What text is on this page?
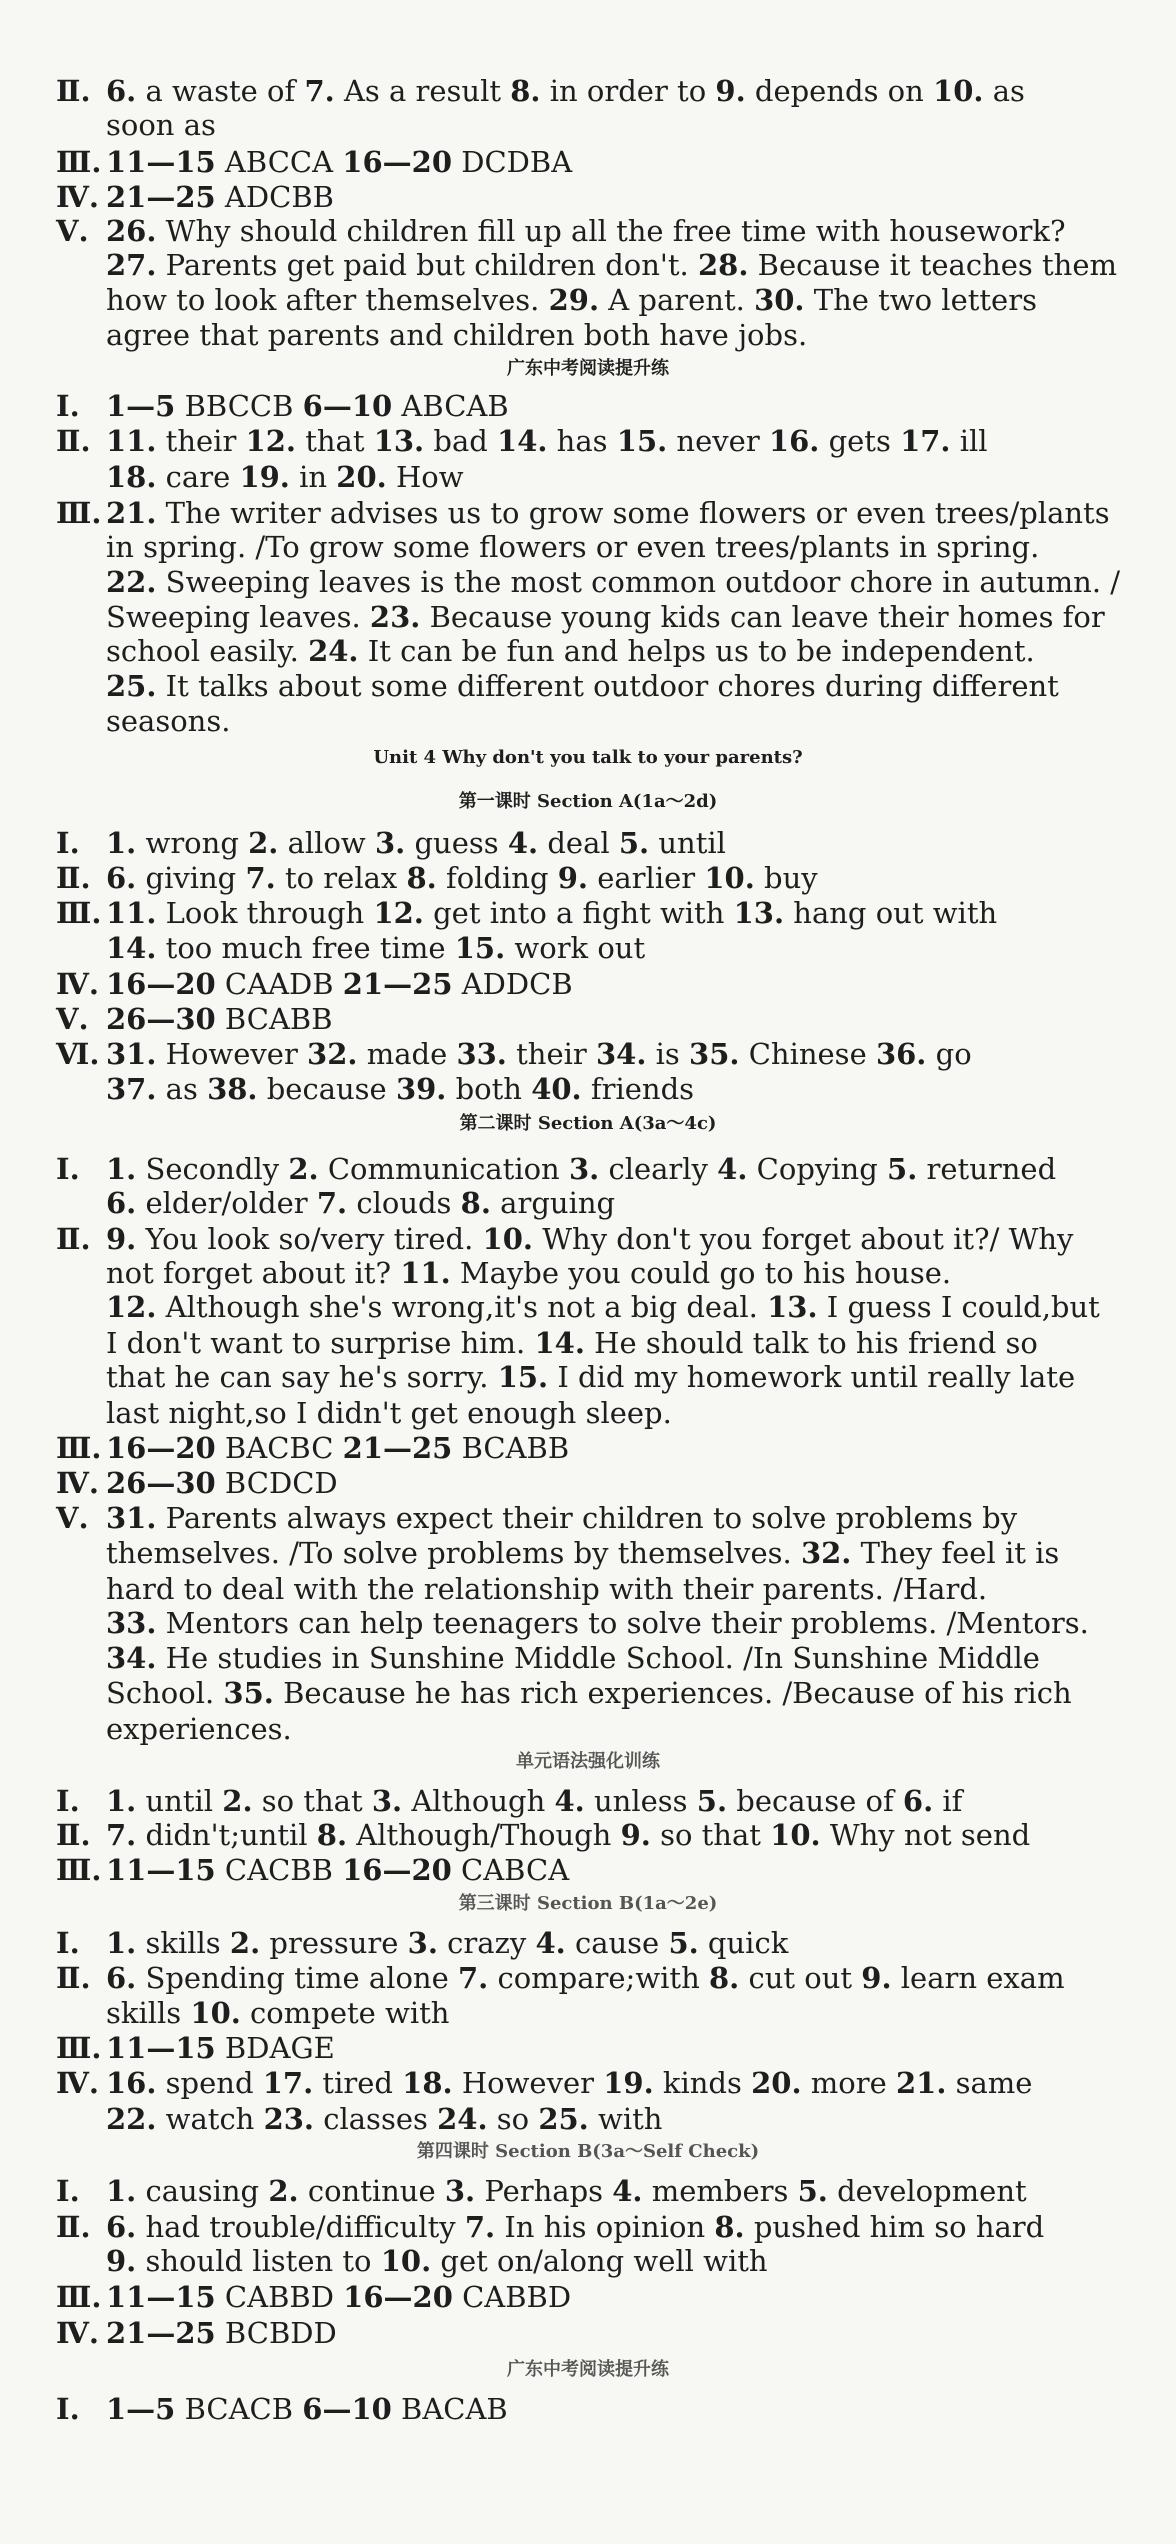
Ⅱ. 6. a waste of 7. As a result 8. in order to 9. depends on 10. as
soon as
Ⅲ. 11—15 ABCCA 16—20 DCDBA
Ⅳ. 21—25 ADCBB
Ⅴ. 26. Why should children fill up all the free time with housework?
27. Parents get paid but children don't. 28. Because it teaches them
how to look after themselves. 29. A parent. 30. The two letters
agree that parents and children both have jobs.
广东中考阅读提升练
Ⅰ. 1—5 BBCCB 6—10 ABCAB
Ⅱ. 11. their 12. that 13. bad 14. has 15. never 16. gets 17. ill
18. care 19. in 20. How
Ⅲ. 21. The writer advises us to grow some flowers or even trees/plants
in spring. /To grow some flowers or even trees/plants in spring.
22. Sweeping leaves is the most common outdoor chore in autumn. /
Sweeping leaves. 23. Because young kids can leave their homes for
school easily. 24. It can be fun and helps us to be independent.
25. It talks about some different outdoor chores during different
seasons.
Unit 4 Why don't you talk to your parents?
第一课时 Section A(1a～2d)
Ⅰ. 1. wrong 2. allow 3. guess 4. deal 5. until
Ⅱ. 6. giving 7. to relax 8. folding 9. earlier 10. buy
Ⅲ. 11. Look through 12. get into a fight with 13. hang out with
14. too much free time 15. work out
Ⅳ. 16—20 CAADB 21—25 ADDCB
Ⅴ. 26—30 BCABB
Ⅵ. 31. However 32. made 33. their 34. is 35. Chinese 36. go
37. as 38. because 39. both 40. friends
第二课时 Section A(3a～4c)
Ⅰ. 1. Secondly 2. Communication 3. clearly 4. Copying 5. returned
6. elder/older 7. clouds 8. arguing
Ⅱ. 9. You look so/very tired. 10. Why don't you forget about it?/ Why
not forget about it? 11. Maybe you could go to his house.
12. Although she's wrong,it's not a big deal. 13. I guess I could,but
I don't want to surprise him. 14. He should talk to his friend so
that he can say he's sorry. 15. I did my homework until really late
last night,so I didn't get enough sleep.
Ⅲ. 16—20 BACBC 21—25 BCABB
Ⅳ. 26—30 BCDCD
Ⅴ. 31. Parents always expect their children to solve problems by
themselves. /To solve problems by themselves. 32. They feel it is
hard to deal with the relationship with their parents. /Hard.
33. Mentors can help teenagers to solve their problems. /Mentors.
34. He studies in Sunshine Middle School. /In Sunshine Middle
School. 35. Because he has rich experiences. /Because of his rich
experiences.
单元语法强化训练
Ⅰ. 1. until 2. so that 3. Although 4. unless 5. because of 6. if
Ⅱ. 7. didn't;until 8. Although/Though 9. so that 10. Why not send
Ⅲ. 11—15 CACBB 16—20 CABCA
第三课时 Section B(1a～2e)
Ⅰ. 1. skills 2. pressure 3. crazy 4. cause 5. quick
Ⅱ. 6. Spending time alone 7. compare;with 8. cut out 9. learn exam
skills 10. compete with
Ⅲ. 11—15 BDAGE
Ⅳ. 16. spend 17. tired 18. However 19. kinds 20. more 21. same
22. watch 23. classes 24. so 25. with
第四课时 Section B(3a～Self Check)
Ⅰ. 1. causing 2. continue 3. Perhaps 4. members 5. development
Ⅱ. 6. had trouble/difficulty 7. In his opinion 8. pushed him so hard
9. should listen to 10. get on/along well with
Ⅲ. 11—15 CABBD 16—20 CABBD
Ⅳ. 21—25 BCBDD
广东中考阅读提升练
Ⅰ. 1—5 BCACB 6—10 BACAB
